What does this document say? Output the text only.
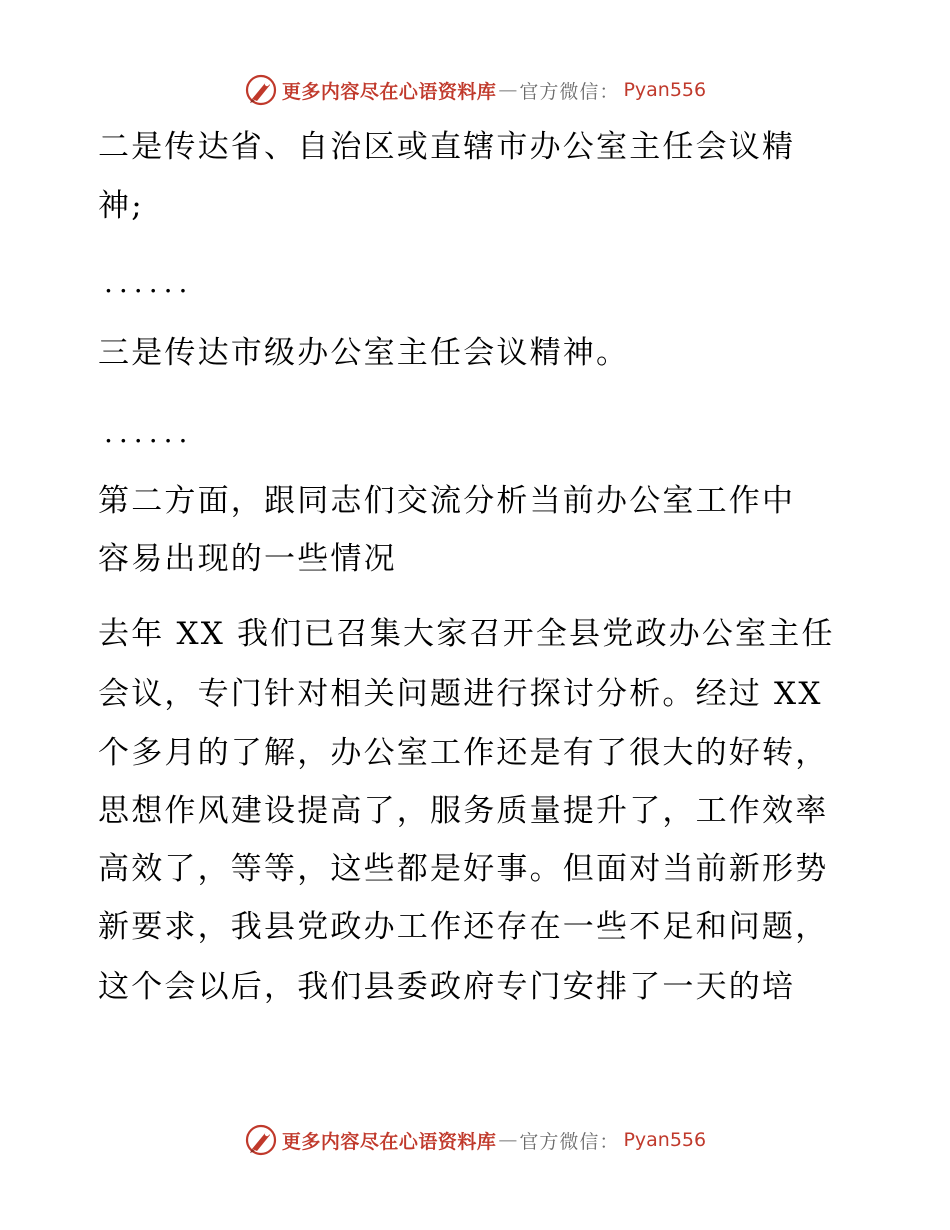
更多内容尽在心语资料库 — 官方微信： Pyan556
二是传达省、自治区或直辖市办公室主任会议精
神;
......
三是传达市级办公室主任会议精神。
......
第二方面，跟同志们交流分析当前办公室工作中
容易出现的一些情况
去年 XX 我们已召集大家召开全县党政办公室主任
会议，专门针对相关问题进行探讨分析。经过 XX
个多月的了解，办公室工作还是有了很大的好转，
思想作风建设提高了，服务质量提升了，工作效率
高效了，等等，这些都是好事。但面对当前新形势
新要求，我县党政办工作还存在一些不足和问题，
这个会以后，我们县委政府专门安排了一天的培
更多内容尽在心语资料库 — 官方微信： Pyan556
